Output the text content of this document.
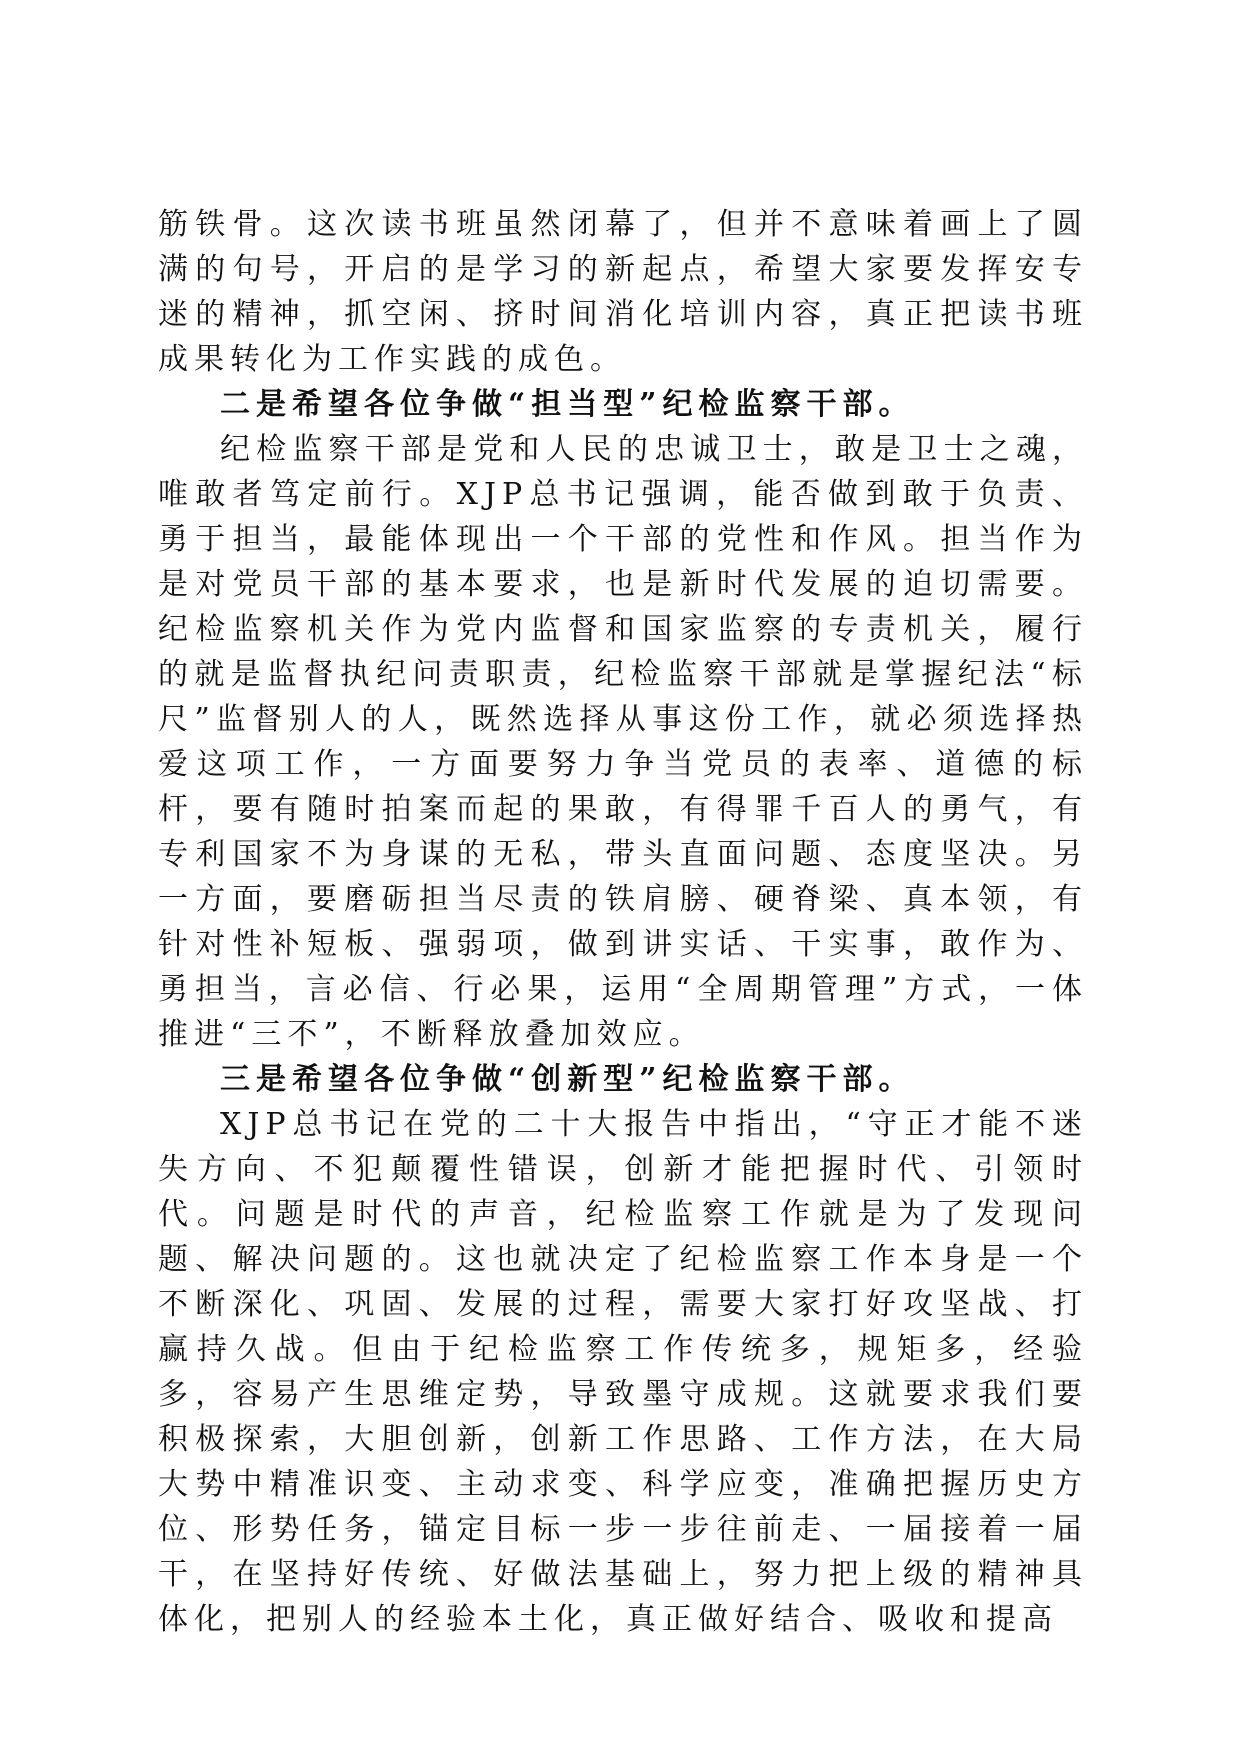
筋铁骨。这次读书班虽然闭幕了，但并不意味着画上了圆满的句号，开启的是学习的新起点，希望大家要发挥安专迷的精神，抓空闲、挤时间消化培训内容，真正把读书班成果转化为工作实践的成色。

二是希望各位争做“担当型”纪检监察干部。

纪检监察干部是党和人民的忠诚卫士，敢是卫士之魂，唯敢者笃定前行。XJP总书记强调，能否做到敢于负责、勇于担当，最能体现出一个干部的党性和作风。担当作为是对党员干部的基本要求，也是新时代发展的迫切需要。纪检监察机关作为党内监督和国家监察的专责机关，履行的就是监督执纪问责职责，纪检监察干部就是掌握纪法“标尺”监督别人的人，既然选择从事这份工作，就必须选择热爱这项工作，一方面要努力争当党员的表率、道德的标杆，要有随时拍案而起的果敢，有得罪千百人的勇气，有专利国家不为身谋的无私，带头直面问题、态度坚决。另一方面，要磨砺担当尽责的铁肩膀、硬脊梁、真本领，有针对性补短板、强弱项，做到讲实话、干实事，敢作为、勇担当，言必信、行必果，运用“全周期管理”方式，一体推进“三不”，不断释放叠加效应。

三是希望各位争做“创新型”纪检监察干部。

XJP总书记在党的二十大报告中指出，“守正才能不迷失方向、不犯颠覆性错误，创新才能把握时代、引领时代。问题是时代的声音，纪检监察工作就是为了发现问题、解决问题的。这也就决定了纪检监察工作本身是一个不断深化、巩固、发展的过程，需要大家打好攻坚战、打赢持久战。但由于纪检监察工作传统多，规矩多，经验多，容易产生思维定势，导致墨守成规。这就要求我们要积极探索，大胆创新，创新工作思路、工作方法，在大局大势中精准识变、主动求变、科学应变，准确把握历史方位、形势任务，锚定目标一步一步往前走、一届接着一届干，在坚持好传统、好做法基础上，努力把上级的精神具体化，把别人的经验本土化，真正做好结合、吸收和提高
